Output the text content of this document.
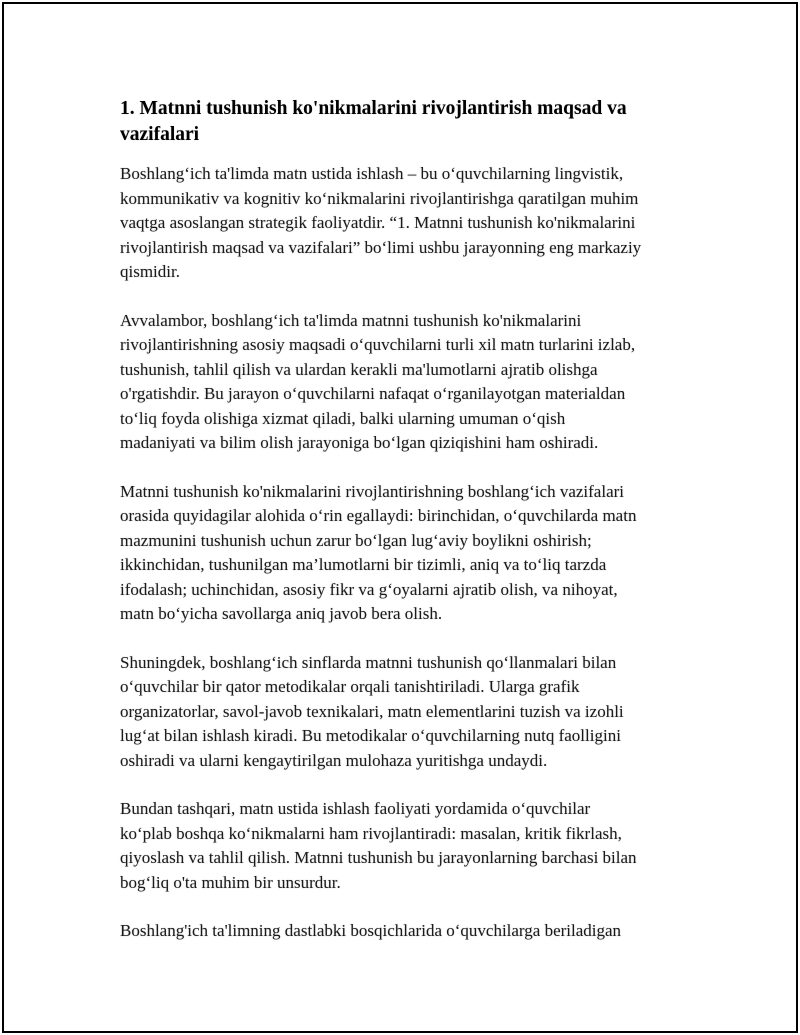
1. Matnni tushunish ko'nikmalarini rivojlantirish maqsad va
vazifalari

Boshlang‘ich ta'limda matn ustida ishlash – bu o‘quvchilarning lingvistik,
kommunikativ va kognitiv ko‘nikmalarini rivojlantirishga qaratilgan muhim
vaqtga asoslangan strategik faoliyatdir. “1. Matnni tushunish ko'nikmalarini
rivojlantirish maqsad va vazifalari” bo‘limi ushbu jarayonning eng markaziy
qismidir.

Avvalambor, boshlang‘ich ta'limda matnni tushunish ko'nikmalarini
rivojlantirishning asosiy maqsadi o‘quvchilarni turli xil matn turlarini izlab,
tushunish, tahlil qilish va ulardan kerakli ma'lumotlarni ajratib olishga
o'rgatishdir. Bu jarayon o‘quvchilarni nafaqat o‘rganilayotgan materialdan
to‘liq foyda olishiga xizmat qiladi, balki ularning umuman o‘qish
madaniyati va bilim olish jarayoniga bo‘lgan qiziqishini ham oshiradi.

Matnni tushunish ko'nikmalarini rivojlantirishning boshlang‘ich vazifalari
orasida quyidagilar alohida o‘rin egallaydi: birinchidan, o‘quvchilarda matn
mazmunini tushunish uchun zarur bo‘lgan lug‘aviy boylikni oshirish;
ikkinchidan, tushunilgan ma’lumotlarni bir tizimli, aniq va to‘liq tarzda
ifodalash; uchinchidan, asosiy fikr va g‘oyalarni ajratib olish, va nihoyat,
matn bo‘yicha savollarga aniq javob bera olish.

Shuningdek, boshlang‘ich sinflarda matnni tushunish qo‘llanmalari bilan
o‘quvchilar bir qator metodikalar orqali tanishtiriladi. Ularga grafik
organizatorlar, savol-javob texnikalari, matn elementlarini tuzish va izohli
lug‘at bilan ishlash kiradi. Bu metodikalar o‘quvchilarning nutq faolligini
oshiradi va ularni kengaytirilgan mulohaza yuritishga undaydi.

Bundan tashqari, matn ustida ishlash faoliyati yordamida o‘quvchilar
ko‘plab boshqa ko‘nikmalarni ham rivojlantiradi: masalan, kritik fikrlash,
qiyoslash va tahlil qilish. Matnni tushunish bu jarayonlarning barchasi bilan
bog‘liq o'ta muhim bir unsurdur.

Boshlang'ich ta'limning dastlabki bosqichlarida o‘quvchilarga beriladigan
